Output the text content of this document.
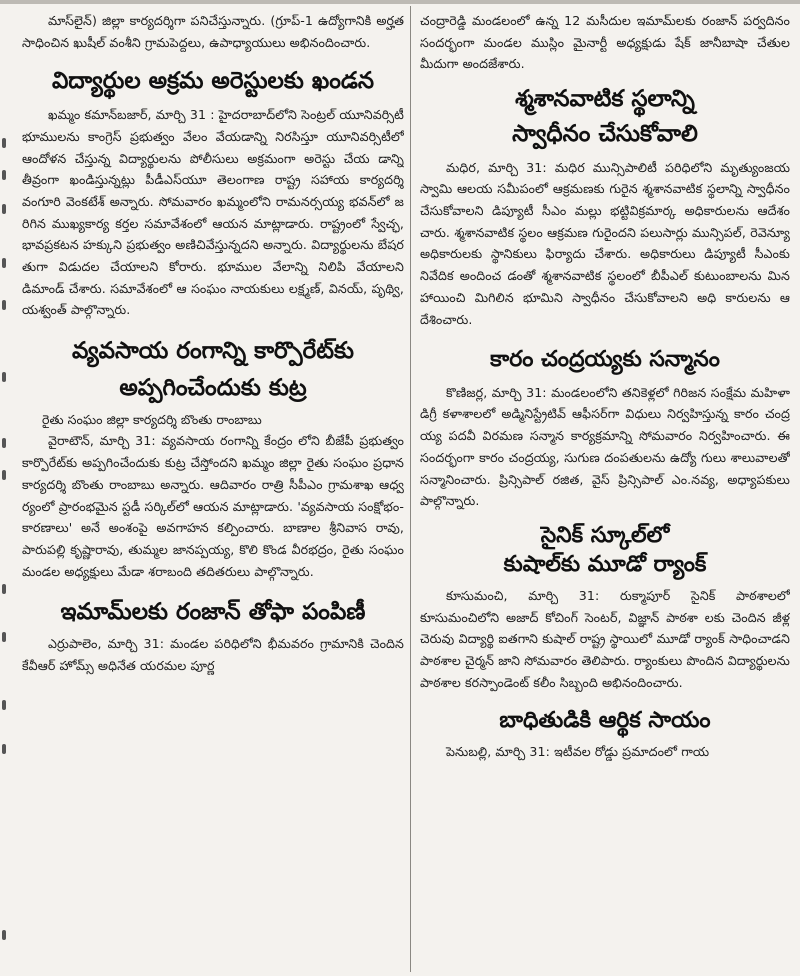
మాస్‌లైన్) జిల్లా కార్యదర్శిగా పనిచేస్తున్నారు. (గ్రూప్-1 ఉద్యోగానికి అర్హత సాధించిన ఖుషీల్ వంశీని గ్రామపెద్దలు, ఉపాధ్యాయులు అభినందించారు.

విద్యార్థుల అక్రమ అరెస్టులకు ఖండన

ఖమ్మం కమాన్‌బజార్, మార్చి 31 : హైదరాబాద్‌లోని సెంట్రల్ యూనివర్సిటీ భూములను కాంగ్రెస్ ప్రభుత్వం వేలం వేయడాన్ని నిరసిస్తూ యూనివర్సిటీలో ఆందోళన చేస్తున్న విద్యార్థులను పోలీసులు అక్రమంగా అరెస్టు చేయ డాన్ని తీవ్రంగా ఖండిస్తున్నట్లు పీడీఎస్‌యూ తెలంగాణ రాష్ట్ర సహాయ కార్యదర్శి వంగూరి వెంకటేశ్ అన్నారు. సోమవారం ఖమ్మంలోని రామనర్సయ్య భవన్‌లో జరిగిన ముఖ్యకార్య కర్తల సమావేశంలో ఆయన మాట్లాడారు. రాష్ట్రంలో స్వేచ్ఛ, భావప్రకటన హక్కుని ప్రభుత్వం అణిచివేస్తున్నదని అన్నారు. విద్యార్థులను బేషరతుగా విడుదల చేయాలని కోరారు. భూముల వేలాన్ని నిలిపి వేయాలని డిమాండ్ చేశారు. సమావేశంలో ఆ సంఘం నాయకులు లక్ష్మణ్, వినయ్, పృథ్వి, యశ్వంత్ పాల్గొన్నారు.

వ్యవసాయ రంగాన్ని కార్పొరేట్‌కు
అప్పగించేందుకు కుట్ర

రైతు సంఘం జిల్లా కార్యదర్శి బొంతు రాంబాబు

వైరాటౌన్, మార్చి 31: వ్యవసాయ రంగాన్ని కేంద్రం లోని బీజేపీ ప్రభుత్వం కార్పొరేట్‌కు అప్పగించేందుకు కుట్ర చేస్తోందని ఖమ్మం జిల్లా రైతు సంఘం ప్రధాన కార్యదర్శి బొంతు రాంబాబు అన్నారు. ఆదివారం రాత్రి సీపీఎం గ్రామశాఖ ఆధ్వర్యంలో ప్రారంభమైన స్టడీ సర్కిల్‌లో ఆయన మాట్లాడారు. 'వ్యవసాయ సంక్షోభం-కారణాలు' అనే అంశంపై అవగాహన కల్పించారు. బాణాల శ్రీనివాస రావు, పారుపల్లి కృష్ణారావు, తుమ్మల జానప్పయ్య, కొలి కొండ వీరభద్రం, రైతు సంఘం మండల అధ్యక్షులు మేడా శరాబంది తదితరులు పాల్గొన్నారు.

ఇమామ్‌లకు రంజాన్ తోఫా పంపిణీ

ఎర్రుపాలెం, మార్చి 31: మండల పరిధిలోని భీమవరం గ్రామానికి చెందిన కేవీఆర్ హోమ్స్ అధినేత యరమల పూర్ణ

చంద్రారెడ్డి మండలంలో ఉన్న 12 మసీదుల ఇమామ్‌లకు రంజాన్ పర్వదినం సందర్భంగా మండల ముస్లిం మైనార్టీ అధ్యక్షుడు షేక్ జానీబాషా చేతుల మీదుగా అందజేశారు.

శ్మశానవాటిక స్థలాన్ని
స్వాధీనం చేసుకోవాలి

మధిర, మార్చి 31: మధిర మున్సిపాలిటీ పరిధిలోని మృత్యుంజయస్వామి ఆలయ సమీపంలో ఆక్రమణకు గురైన శ్మశానవాటిక స్థలాన్ని స్వాధీనం చేసుకోవాలని డిప్యూటీ సీఎం మల్లు భట్టివిక్రమార్క అధికారులను ఆదేశం చారు. శ్మశానవాటిక స్థలం ఆక్రమణ గురైందని పలుసార్లు మున్సిపల్, రెవెన్యూ అధికారులకు స్థానికులు ఫిర్యాదు చేశారు. అధికారులు డిప్యూటీ సీఎంకు నివేదిక అందించ డంతో శ్మశానవాటిక స్థలంలో బీపీఎల్ కుటుంబాలను మిన హాయించి మిగిలిన భూమిని స్వాధీనం చేసుకోవాలని అధి కారులను ఆదేశించారు.

కారం చంద్రయ్యకు సన్మానం

కొణిజర్ల, మార్చి 31: మండలంలోని తనికెళ్లలో గిరిజన సంక్షేమ మహిళా డిగ్రీ కళాశాలలో అడ్మినిస్ట్రేటివ్ ఆఫీసర్‌గా విధులు నిర్వహిస్తున్న కారం చంద్రయ్య పదవీ విరమణ సన్మాన కార్యక్రమాన్ని సోమవారం నిర్వహించారు. ఈ సందర్భంగా కారం చంద్రయ్య, సుగుణ దంపతులను ఉద్యో గులు శాలువాలతో సన్మానించారు. ప్రిన్సిపాల్ రజిత, వైస్ ప్రిన్సిపాల్ ఎం.నవ్య, అధ్యాపకులు పాల్గొన్నారు.

సైనిక్ స్కూల్‌లో
కుషాల్‌కు మూడో ర్యాంక్

కూసుమంచి, మార్చి 31: రుక్మాపూర్ సైనిక్ పాఠశాలలో కూసుమంచిలోని అజాద్ కోచింగ్ సెంటర్, విజ్ఞాన్ పాఠశా లకు చెందిన జీళ్లచెరువు విద్యార్థి ఐతగాని కుషాల్ రాష్ట్ర స్థాయిలో మూడో ర్యాంక్ సాధించాడని పాఠశాల చైర్మన్ జాని సోమవారం తెలిపారు. ర్యాంకులు పొందిన విద్యార్థులను పాఠశాల కరస్పాండెంట్ కలీం సిబ్బంది అభినందించారు.

బాధితుడికి ఆర్థిక సాయం

పెనుబల్లి, మార్చి 31: ఇటీవల రోడ్డు ప్రమాదంలో గాయ
